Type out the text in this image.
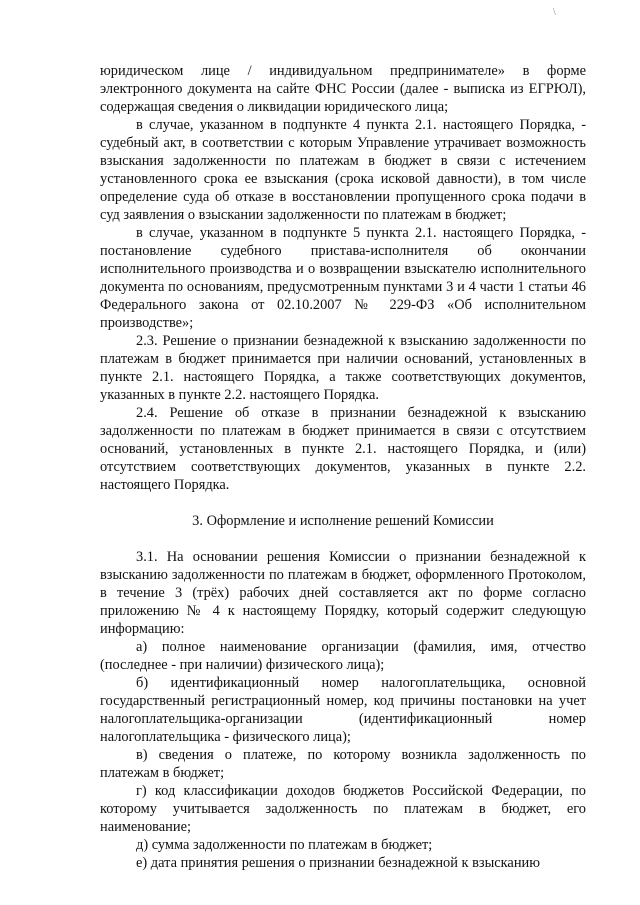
\

юридическом лице / индивидуальном предпринимателе» в форме электронного документа на сайте ФНС России (далее - выписка из ЕГРЮЛ), содержащая сведения о ликвидации юридического лица;

в случае, указанном в подпункте 4 пункта 2.1. настоящего Порядка, - судебный акт, в соответствии с которым Управление утрачивает возможность взыскания задолженности по платежам в бюджет в связи с истечением установленного срока ее взыскания (срока исковой давности), в том числе определение суда об отказе в восстановлении пропущенного срока подачи в суд заявления о взыскании задолженности по платежам в бюджет;

в случае, указанном в подпункте 5 пункта 2.1. настоящего Порядка, - постановление судебного пристава-исполнителя об окончании исполнительного производства и о возвращении взыскателю исполнительного документа по основаниям, предусмотренным пунктами 3 и 4 части 1 статьи 46 Федерального закона от 02.10.2007 № 229-ФЗ «Об исполнительном производстве»;

2.3. Решение о признании безнадежной к взысканию задолженности по платежам в бюджет принимается при наличии оснований, установленных в пункте 2.1. настоящего Порядка, а также соответствующих документов, указанных в пункте 2.2. настоящего Порядка.

2.4. Решение об отказе в признании безнадежной к взысканию задолженности по платежам в бюджет принимается в связи с отсутствием оснований, установленных в пункте 2.1. настоящего Порядка, и (или) отсутствием соответствующих документов, указанных в пункте 2.2. настоящего Порядка.

3. Оформление и исполнение решений Комиссии

3.1. На основании решения Комиссии о признании безнадежной к взысканию задолженности по платежам в бюджет, оформленного Протоколом, в течение 3 (трёх) рабочих дней составляется акт по форме согласно приложению № 4 к настоящему Порядку, который содержит следующую информацию:

а) полное наименование организации (фамилия, имя, отчество (последнее - при наличии) физического лица);

б) идентификационный номер налогоплательщика, основной государственный регистрационный номер, код причины постановки на учет налогоплательщика-организации (идентификационный номер налогоплательщика - физического лица);

в) сведения о платеже, по которому возникла задолженность по платежам в бюджет;

г) код классификации доходов бюджетов Российской Федерации, по которому учитывается задолженность по платежам в бюджет, его наименование;

д) сумма задолженности по платежам в бюджет;

е) дата принятия решения о признании безнадежной к взысканию
